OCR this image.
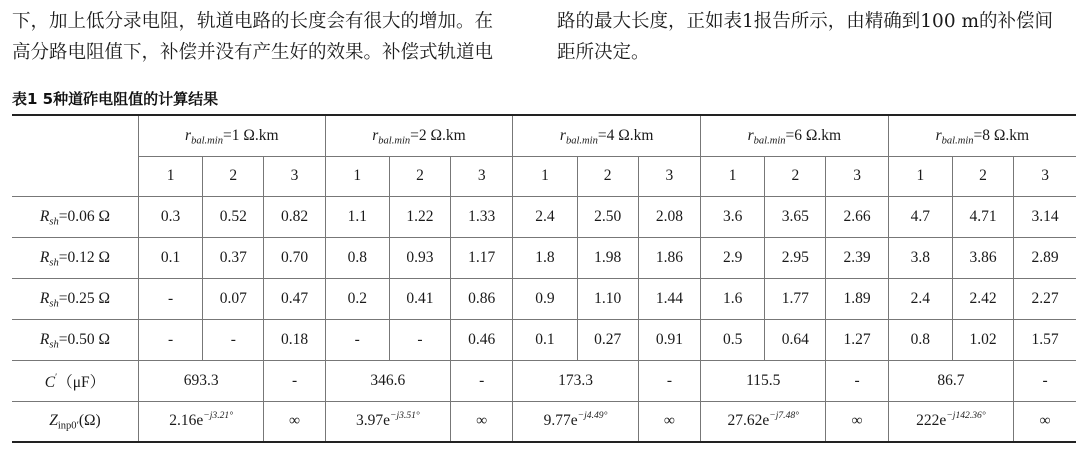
下，加上低分录电阻，轨道电路的长度会有很大的增加。在
高分路电阻值下，补偿并没有产生好的效果。补偿式轨道电

路的最大长度，正如表1报告所示，由精确到100 m的补偿间
距所决定。

表1 5种道砟电阻值的计算结果

	$r_{bal.min}=1$ Ω.km			$r_{bal.min}=2$ Ω.km			$r_{bal.min}=4$ Ω.km			$r_{bal.min}=6$ Ω.km			$r_{bal.min}=8$ Ω.km		
	1	2	3	1	2	3	1	2	3	1	2	3	1	2	3
$R_{sh}=0.06$ Ω	0.3	0.52	0.82	1.1	1.22	1.33	2.4	2.50	2.08	3.6	3.65	2.66	4.7	4.71	3.14
$R_{sh}=0.12$ Ω	0.1	0.37	0.70	0.8	0.93	1.17	1.8	1.98	1.86	2.9	2.95	2.39	3.8	3.86	2.89
$R_{sh}=0.25$ Ω	-	0.07	0.47	0.2	0.41	0.86	0.9	1.10	1.44	1.6	1.77	1.89	2.4	2.42	2.27
$R_{sh}=0.50$ Ω	-	-	0.18	-	-	0.46	0.1	0.27	0.91	0.5	0.64	1.27	0.8	1.02	1.57
C′（μF）	693.3		-	346.6		-	173.3		-	115.5		-	86.7		-
$Z_{inp0'}(\Omega)$	$2.16e^{-j3.21^\circ}$		∞	$3.97e^{-j3.51^\circ}$		∞	$9.77e^{-j4.49^\circ}$		∞	$27.62e^{-j7.48^\circ}$		∞	$222e^{-j142.36^\circ}$		∞
